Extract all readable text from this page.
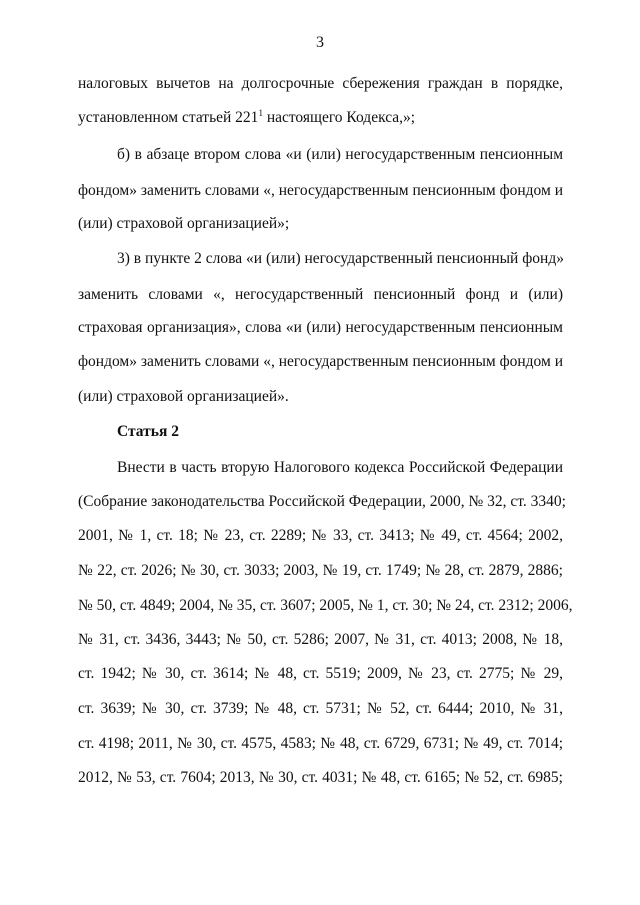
3
налоговых вычетов на долгосрочные сбережения граждан в порядке,
установленном статьей $221^1$ настоящего Кодекса,»;
б) в абзаце втором слова «и (или) негосударственным пенсионным
фондом» заменить словами «, негосударственным пенсионным фондом и
(или) страховой организацией»;
3) в пункте 2 слова «и (или) негосударственный пенсионный фонд»
заменить словами «, негосударственный пенсионный фонд и (или)
страховая организация», слова «и (или) негосударственным пенсионным
фондом» заменить словами «, негосударственным пенсионным фондом и
(или) страховой организацией».
Статья 2
Внести в часть вторую Налогового кодекса Российской Федерации
(Собрание законодательства Российской Федерации, 2000, № 32, ст. 3340;
2001, № 1, ст. 18; № 23, ст. 2289; № 33, ст. 3413; № 49, ст. 4564; 2002,
№ 22, ст. 2026; № 30, ст. 3033; 2003, № 19, ст. 1749; № 28, ст. 2879, 2886;
№ 50, ст. 4849; 2004, № 35, ст. 3607; 2005, № 1, ст. 30; № 24, ст. 2312; 2006,
№ 31, ст. 3436, 3443; № 50, ст. 5286; 2007, № 31, ст. 4013; 2008, № 18,
ст. 1942; № 30, ст. 3614; № 48, ст. 5519; 2009, № 23, ст. 2775; № 29,
ст. 3639; № 30, ст. 3739; № 48, ст. 5731; № 52, ст. 6444; 2010, № 31,
ст. 4198; 2011, № 30, ст. 4575, 4583; № 48, ст. 6729, 6731; № 49, ст. 7014;
2012, № 53, ст. 7604; 2013, № 30, ст. 4031; № 48, ст. 6165; № 52, ст. 6985;
